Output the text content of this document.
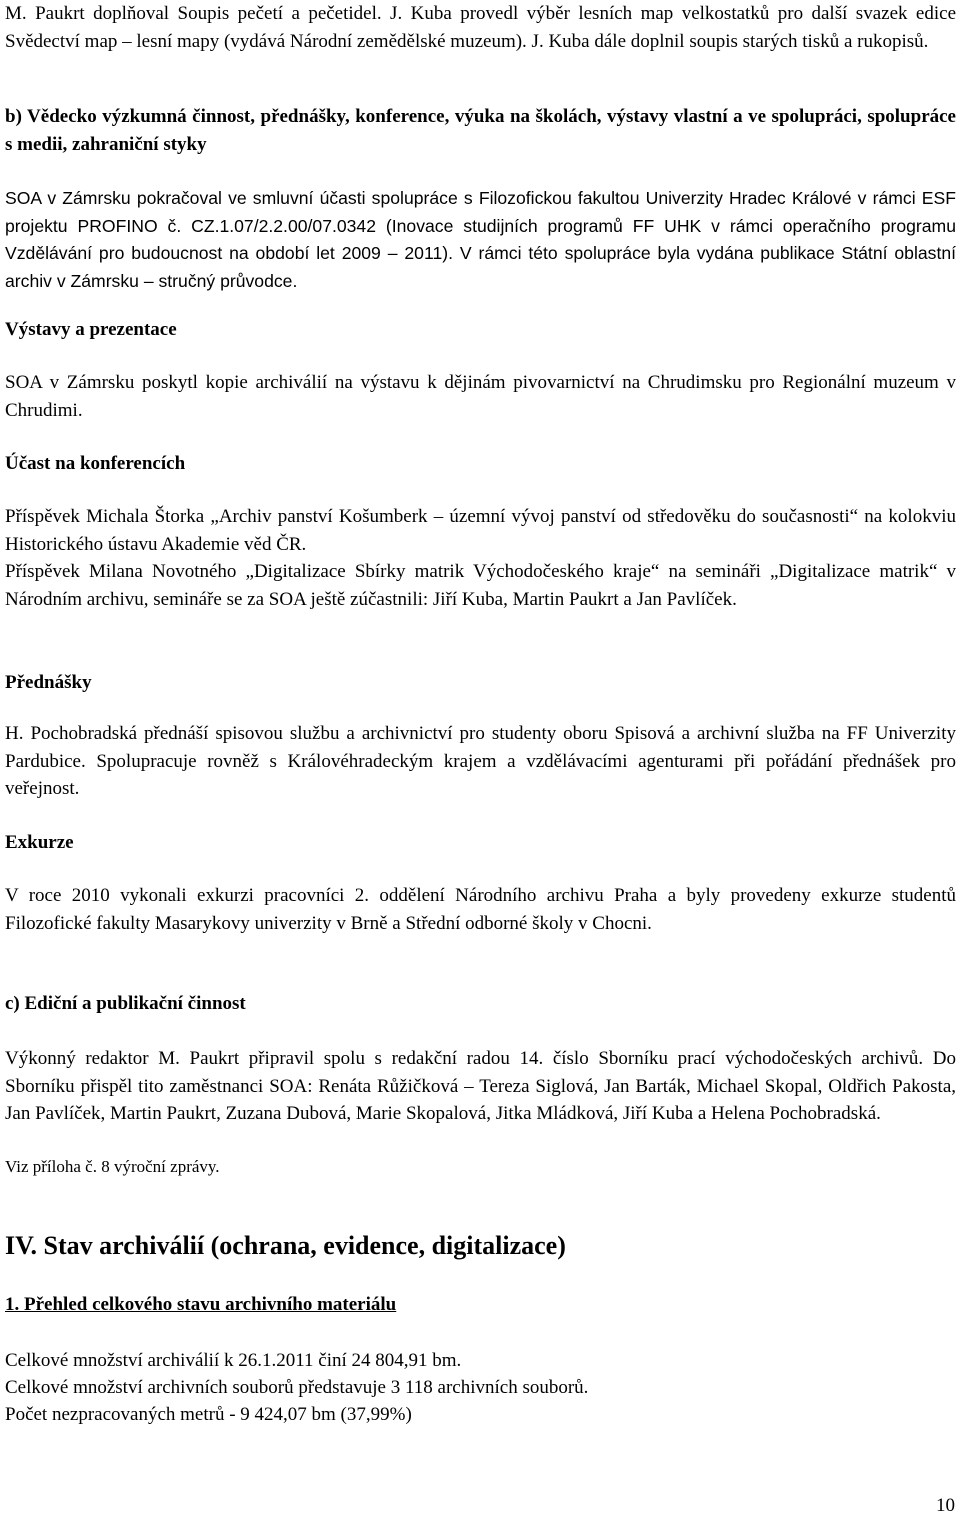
M. Paukrt doplňoval Soupis pečetí a pečetidel. J. Kuba provedl výběr lesních map velkostatků pro další svazek edice Svědectví map – lesní mapy (vydává Národní zemědělské muzeum). J. Kuba dále doplnil soupis starých tisků a rukopisů.

b) Vědecko výzkumná činnost, přednášky, konference, výuka na školách, výstavy vlastní a ve spolupráci, spolupráce s medii, zahraniční styky

SOA v Zámrsku pokračoval ve smluvní účasti spolupráce s Filozofickou fakultou Univerzity Hradec Králové v rámci ESF projektu PROFINO č. CZ.1.07/2.2.00/07.0342 (Inovace studijních programů FF UHK v rámci operačního programu Vzdělávání pro budoucnost na období let 2009 – 2011). V rámci této spolupráce byla vydána publikace Státní oblastní archiv v Zámrsku – stručný průvodce.

Výstavy a prezentace

SOA v Zámrsku poskytl kopie archiválií na výstavu k dějinám pivovarnictví na Chrudimsku pro Regionální muzeum v Chrudimi.

Účast na konferencích

Příspěvek Michala Štorka „Archiv panství Košumberk – územní vývoj panství od středověku do současnosti“ na kolokviu Historického ústavu Akademie věd ČR.

Příspěvek Milana Novotného „Digitalizace Sbírky matrik Východočeského kraje“ na semináři „Digitalizace matrik“ v Národním archivu, semináře se za SOA ještě zúčastnili: Jiří Kuba, Martin Paukrt a Jan Pavlíček.

Přednášky

H. Pochobradská přednáší spisovou službu a archivnictví pro studenty oboru Spisová a archivní služba na FF Univerzity Pardubice. Spolupracuje rovněž s Královéhradeckým krajem a vzdělávacími agenturami při pořádání přednášek pro veřejnost.

Exkurze

V roce 2010 vykonali exkurzi pracovníci 2. oddělení Národního archivu Praha a byly provedeny exkurze studentů Filozofické fakulty Masarykovy univerzity v Brně a Střední odborné školy v Chocni.

c) Ediční a publikační činnost

Výkonný redaktor M. Paukrt připravil spolu s redakční radou 14. číslo Sborníku prací východočeských archivů. Do Sborníku přispěl tito zaměstnanci SOA: Renáta Růžičková – Tereza Siglová, Jan Barták, Michael Skopal, Oldřich Pakosta, Jan Pavlíček, Martin Paukrt, Zuzana Dubová, Marie Skopalová, Jitka Mládková, Jiří Kuba a Helena Pochobradská.

Viz příloha č. 8 výroční zprávy.

IV. Stav archiválií (ochrana, evidence, digitalizace)

1. Přehled celkového stavu archivního materiálu

Celkové množství archiválií k 26.1.2011 činí 24 804,91 bm.

Celkové množství archivních souborů představuje 3 118 archivních souborů.

Počet nezpracovaných metrů - 9 424,07 bm (37,99%)

10
